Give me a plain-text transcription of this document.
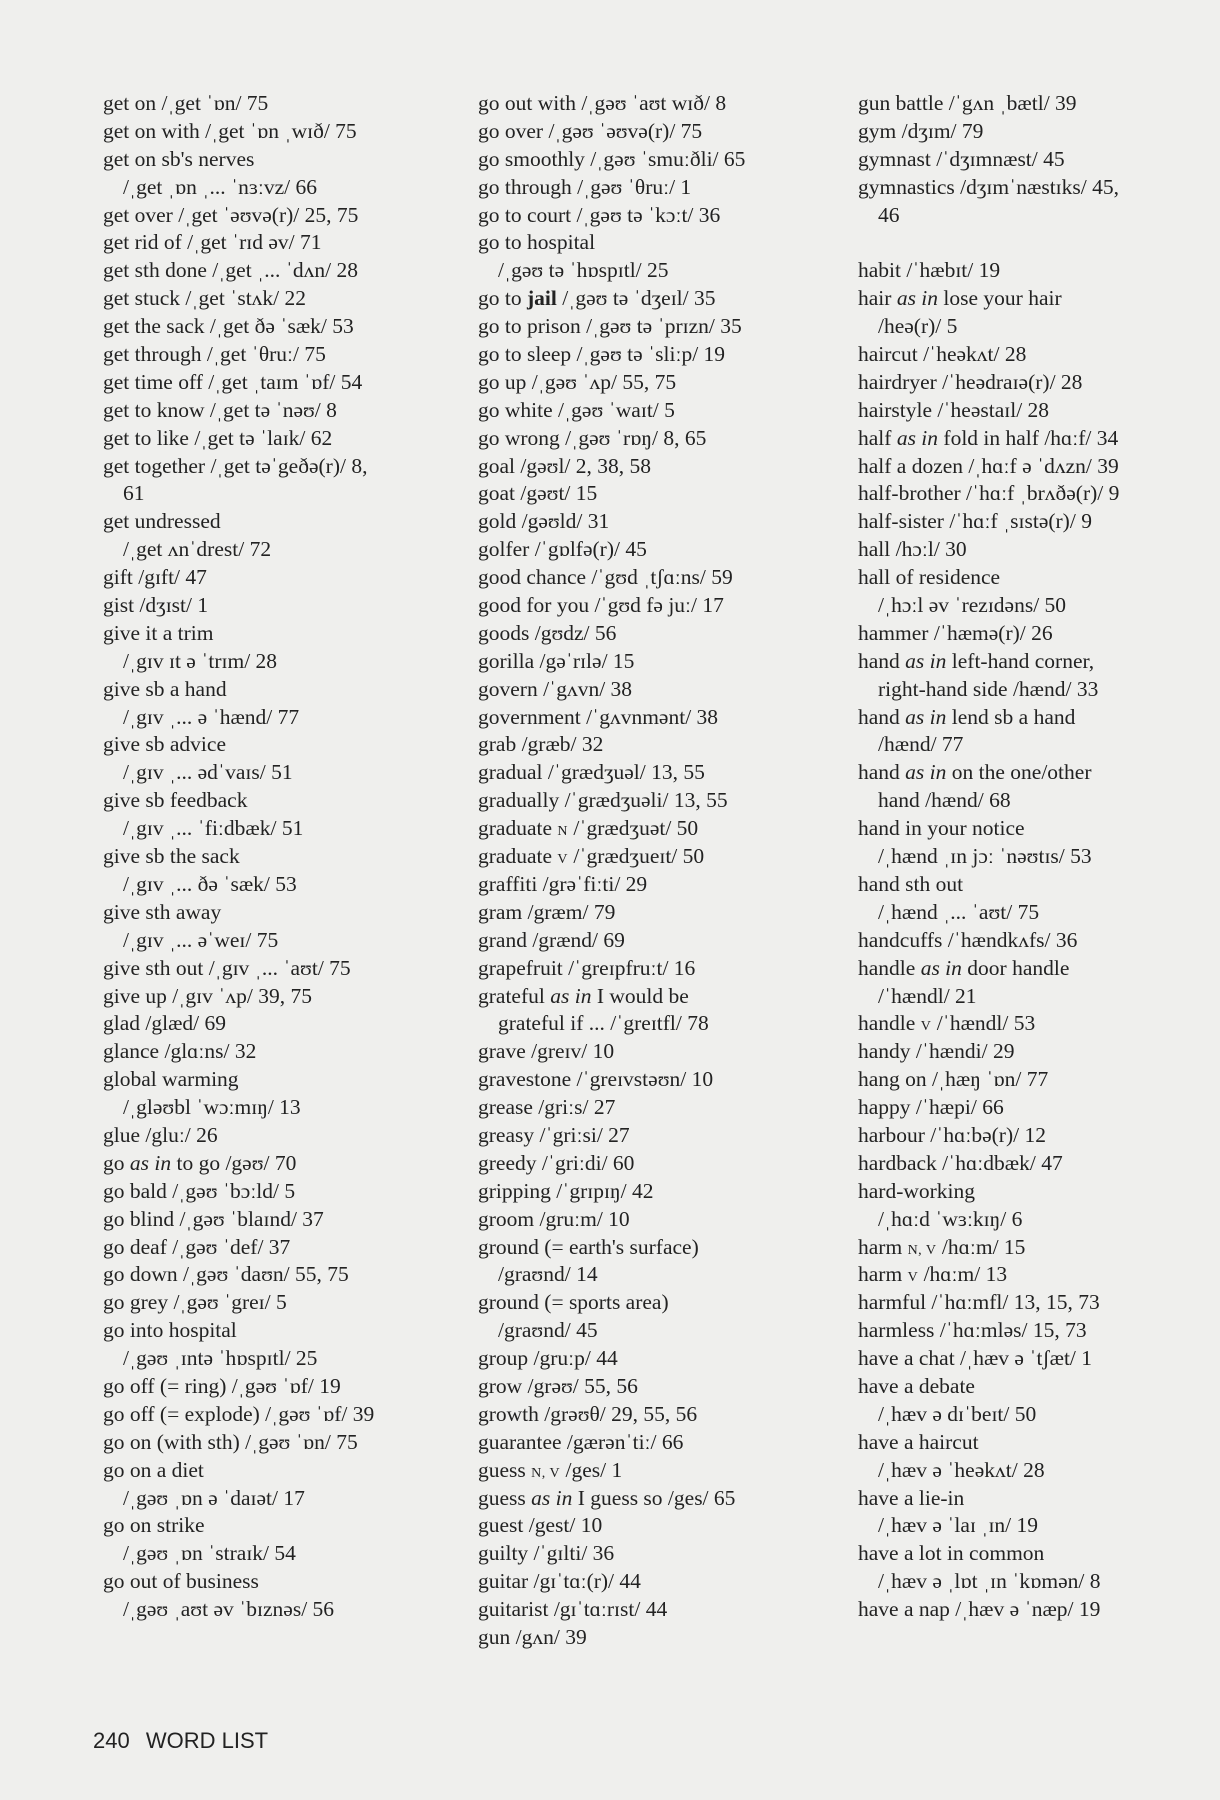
get on /ˌget ˈɒn/ 75
get on with /ˌget ˈɒn ˌwɪð/ 75
get on sb's nerves
/ˌget ˌɒn ˌ... ˈnɜːvz/ 66
get over /ˌget ˈəʊvə(r)/ 25, 75
get rid of /ˌget ˈrɪd əv/ 71
get sth done /ˌget ˌ... ˈdʌn/ 28
get stuck /ˌget ˈstʌk/ 22
get the sack /ˌget ðə ˈsæk/ 53
get through /ˌget ˈθruː/ 75
get time off /ˌget ˌtaɪm ˈɒf/ 54
get to know /ˌget tə ˈnəʊ/ 8
get to like /ˌget tə ˈlaɪk/ 62
get together /ˌget təˈgeðə(r)/ 8,
61
get undressed
/ˌget ʌnˈdrest/ 72
gift /gɪft/ 47
gist /dʒɪst/ 1
give it a trim
/ˌgɪv ɪt ə ˈtrɪm/ 28
give sb a hand
/ˌgɪv ˌ... ə ˈhænd/ 77
give sb advice
/ˌgɪv ˌ... ədˈvaɪs/ 51
give sb feedback
/ˌgɪv ˌ... ˈfiːdbæk/ 51
give sb the sack
/ˌgɪv ˌ... ðə ˈsæk/ 53
give sth away
/ˌgɪv ˌ... əˈweɪ/ 75
give sth out /ˌgɪv ˌ... ˈaʊt/ 75
give up /ˌgɪv ˈʌp/ 39, 75
glad /glæd/ 69
glance /glɑːns/ 32
global warming
/ˌgləʊbl ˈwɔːmɪŋ/ 13
glue /gluː/ 26
go as in to go /gəʊ/ 70
go bald /ˌgəʊ ˈbɔːld/ 5
go blind /ˌgəʊ ˈblaɪnd/ 37
go deaf /ˌgəʊ ˈdef/ 37
go down /ˌgəʊ ˈdaʊn/ 55, 75
go grey /ˌgəʊ ˈgreɪ/ 5
go into hospital
/ˌgəʊ ˌɪntə ˈhɒspɪtl/ 25
go off (= ring) /ˌgəʊ ˈɒf/ 19
go off (= explode) /ˌgəʊ ˈɒf/ 39
go on (with sth) /ˌgəʊ ˈɒn/ 75
go on a diet
/ˌgəʊ ˌɒn ə ˈdaɪət/ 17
go on strike
/ˌgəʊ ˌɒn ˈstraɪk/ 54
go out of business
/ˌgəʊ ˌaʊt əv ˈbɪznəs/ 56
go out with /ˌgəʊ ˈaʊt wɪð/ 8
go over /ˌgəʊ ˈəʊvə(r)/ 75
go smoothly /ˌgəʊ ˈsmuːðli/ 65
go through /ˌgəʊ ˈθruː/ 1
go to court /ˌgəʊ tə ˈkɔːt/ 36
go to hospital
/ˌgəʊ tə ˈhɒspɪtl/ 25
go to jail /ˌgəʊ tə ˈdʒeɪl/ 35
go to prison /ˌgəʊ tə ˈprɪzn/ 35
go to sleep /ˌgəʊ tə ˈsliːp/ 19
go up /ˌgəʊ ˈʌp/ 55, 75
go white /ˌgəʊ ˈwaɪt/ 5
go wrong /ˌgəʊ ˈrɒŋ/ 8, 65
goal /gəʊl/ 2, 38, 58
goat /gəʊt/ 15
gold /gəʊld/ 31
golfer /ˈgɒlfə(r)/ 45
good chance /ˈgʊd ˌtʃɑːns/ 59
good for you /ˈgʊd fə juː/ 17
goods /gʊdz/ 56
gorilla /gəˈrɪlə/ 15
govern /ˈgʌvn/ 38
government /ˈgʌvnmənt/ 38
grab /græb/ 32
gradual /ˈgrædʒuəl/ 13, 55
gradually /ˈgrædʒuəli/ 13, 55
graduate N /ˈgrædʒuət/ 50
graduate V /ˈgrædʒueɪt/ 50
graffiti /grəˈfiːti/ 29
gram /græm/ 79
grand /grænd/ 69
grapefruit /ˈgreɪpfruːt/ 16
grateful as in I would be
grateful if ... /ˈgreɪtfl/ 78
grave /greɪv/ 10
gravestone /ˈgreɪvstəʊn/ 10
grease /griːs/ 27
greasy /ˈgriːsi/ 27
greedy /ˈgriːdi/ 60
gripping /ˈgrɪpɪŋ/ 42
groom /gruːm/ 10
ground (= earth's surface)
/graʊnd/ 14
ground (= sports area)
/graʊnd/ 45
group /gruːp/ 44
grow /grəʊ/ 55, 56
growth /grəʊθ/ 29, 55, 56
guarantee /gærənˈtiː/ 66
guess N, V /ges/ 1
guess as in I guess so /ges/ 65
guest /gest/ 10
guilty /ˈgɪlti/ 36
guitar /gɪˈtɑː(r)/ 44
guitarist /gɪˈtɑːrɪst/ 44
gun /gʌn/ 39
gun battle /ˈgʌn ˌbætl/ 39
gym /dʒɪm/ 79
gymnast /ˈdʒɪmnæst/ 45
gymnastics /dʒɪmˈnæstɪks/ 45,
46
habit /ˈhæbɪt/ 19
hair as in lose your hair
/heə(r)/ 5
haircut /ˈheəkʌt/ 28
hairdryer /ˈheədraɪə(r)/ 28
hairstyle /ˈheəstaɪl/ 28
half as in fold in half /hɑːf/ 34
half a dozen /ˌhɑːf ə ˈdʌzn/ 39
half-brother /ˈhɑːf ˌbrʌðə(r)/ 9
half-sister /ˈhɑːf ˌsɪstə(r)/ 9
hall /hɔːl/ 30
hall of residence
/ˌhɔːl əv ˈrezɪdəns/ 50
hammer /ˈhæmə(r)/ 26
hand as in left-hand corner,
right-hand side /hænd/ 33
hand as in lend sb a hand
/hænd/ 77
hand as in on the one/other
hand /hænd/ 68
hand in your notice
/ˌhænd ˌɪn jɔː ˈnəʊtɪs/ 53
hand sth out
/ˌhænd ˌ... ˈaʊt/ 75
handcuffs /ˈhændkʌfs/ 36
handle as in door handle
/ˈhændl/ 21
handle V /ˈhændl/ 53
handy /ˈhændi/ 29
hang on /ˌhæŋ ˈɒn/ 77
happy /ˈhæpi/ 66
harbour /ˈhɑːbə(r)/ 12
hardback /ˈhɑːdbæk/ 47
hard-working
/ˌhɑːd ˈwɜːkɪŋ/ 6
harm N, V /hɑːm/ 15
harm V /hɑːm/ 13
harmful /ˈhɑːmfl/ 13, 15, 73
harmless /ˈhɑːmləs/ 15, 73
have a chat /ˌhæv ə ˈtʃæt/ 1
have a debate
/ˌhæv ə dɪˈbeɪt/ 50
have a haircut
/ˌhæv ə ˈheəkʌt/ 28
have a lie-in
/ˌhæv ə ˈlaɪ ˌɪn/ 19
have a lot in common
/ˌhæv ə ˌlɒt ˌɪn ˈkɒmən/ 8
have a nap /ˌhæv ə ˈnæp/ 19
240 WORD LIST
